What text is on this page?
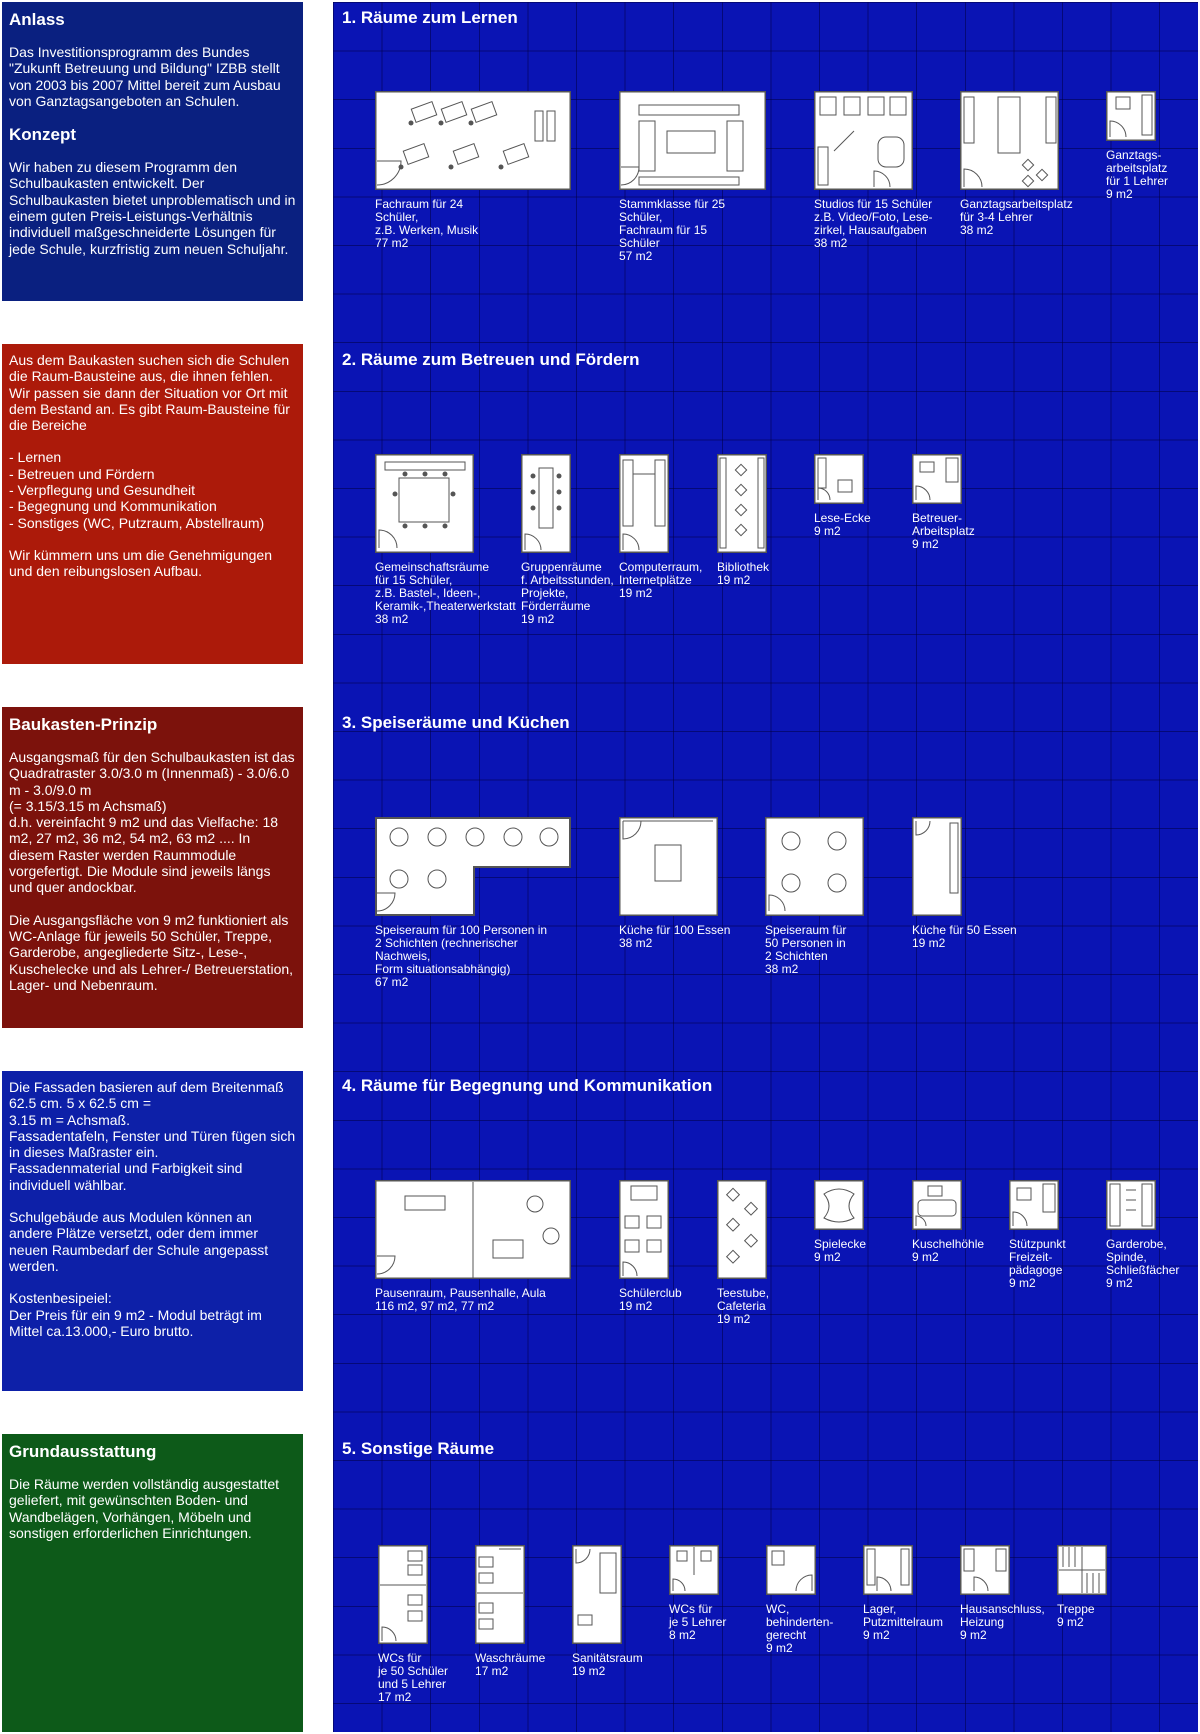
Anlass

Das Investitionsprogramm des Bundes "Zukunft Betreuung und Bildung" IZBB stellt von 2003 bis 2007 Mittel bereit zum Ausbau von Ganztagsangeboten an Schulen.

Konzept

Wir haben zu diesem Programm den Schulbaukasten entwickelt. Der Schulbaukasten bietet unproblematisch und in einem guten Preis-Leistungs-Verhältnis individuell maßgeschneiderte Lösungen für jede Schule, kurzfristig zum neuen Schuljahr.

Aus dem Baukasten suchen sich die Schulen die Raum-Bausteine aus, die ihnen fehlen. Wir passen sie dann der Situation vor Ort mit dem Bestand an. Es gibt Raum-Bausteine für die Bereiche

- Lernen
- Betreuen und Fördern
- Verpflegung und Gesundheit
- Begegnung und Kommunikation
- Sonstiges (WC, Putzraum, Abstellraum)

Wir kümmern uns um die Genehmigungen und den reibungslosen Aufbau.

Baukasten-Prinzip

Ausgangsmaß für den Schulbaukasten ist das Quadratraster 3.0/3.0 m (Innenmaß) - 3.0/6.0 m - 3.0/9.0 m
(= 3.15/3.15 m Achsmaß)
d.h. vereinfacht 9 m2 und das Vielfache: 18 m2, 27 m2, 36 m2, 54 m2, 63 m2 .... In diesem Raster werden Raummodule vorgefertigt. Die Module sind jeweils längs und quer andockbar.

Die Ausgangsfläche von 9 m2 funktioniert als WC-Anlage für jeweils 50 Schüler, Treppe, Garderobe, angegliederte Sitz-, Lese-, Kuschelecke und als Lehrer-/ Betreuerstation, Lager- und Nebenraum.

Die Fassaden basieren auf dem Breitenmaß 62.5 cm. 5 x 62.5 cm =
3.15 m = Achsmaß.
Fassadentafeln, Fenster und Türen fügen sich in dieses Maßraster ein.
Fassadenmaterial und Farbigkeit sind individuell wählbar.

Schulgebäude aus Modulen können an andere Plätze versetzt, oder dem immer neuen Raumbedarf der Schule angepasst werden.

Kostenbesipeiel:
Der Preis für ein 9 m2 - Modul beträgt im Mittel ca.13.000,- Euro brutto.

Grundausstattung

Die Räume werden vollständig ausgestattet geliefert, mit gewünschten Boden- und Wandbelägen, Vorhängen, Möbeln und sonstigen erforderlichen Einrichtungen.

1. Räume zum Lernen
Fachraum für 24 Schüler,
z.B. Werken, Musik
77 m2
Stammklasse für 25 Schüler,
Fachraum für 15 Schüler
57 m2
Studios für 15 Schüler
z.B. Video/Foto, Lese-
zirkel, Hausaufgaben
38 m2
Ganztagsarbeitsplatz
für 3-4 Lehrer
38 m2
Ganztags-
arbeitsplatz
für 1 Lehrer
9 m2
2. Räume zum Betreuen und Fördern
Gemeinschaftsräume
für 15 Schüler,
z.B. Bastel-, Ideen-,
Keramik-,Theaterwerkstatt
38 m2
Gruppenräume
f. Arbeitsstunden,
Projekte,
Förderräume
19 m2
Computerraum,
Internetplätze
19 m2
Bibliothek
19 m2
Lese-Ecke
9 m2
Betreuer-
Arbeitsplatz
9 m2
3. Speiseräume und Küchen
Speiseraum für 100 Personen in
2 Schichten (rechnerischer Nachweis,
Form situationsabhängig)
67 m2
Küche für 100 Essen
38 m2
Speiseraum für
50 Personen in
2 Schichten
38 m2
Küche für 50 Essen
19 m2
4. Räume für Begegnung und Kommunikation
Pausenraum, Pausenhalle, Aula
116 m2, 97 m2, 77 m2
Schülerclub
19 m2
Teestube,
Cafeteria
19 m2
Spielecke
9 m2
Kuschelhöhle
9 m2
Stützpunkt
Freizeit-
pädagoge
9 m2
Garderobe,
Spinde,
Schließfächer
9 m2
5. Sonstige Räume
WCs für
je 50 Schüler
und 5 Lehrer
17 m2
Waschräume
17 m2
Sanitätsraum
19 m2
WCs für
je 5 Lehrer
8 m2
WC,
behinderten-
gerecht
9 m2
Lager,
Putzmittelraum
9 m2
Hausanschluss,
Heizung
9 m2
Treppe
9 m2
